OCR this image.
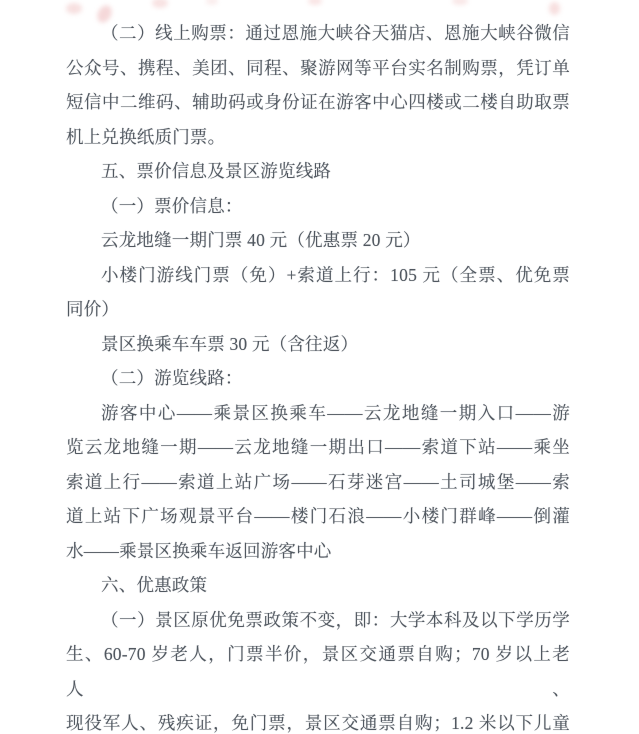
（二）线上购票：通过恩施大峡谷天猫店、恩施大峡谷微信
公众号、携程、美团、同程、聚游网等平台实名制购票，凭订单
短信中二维码、辅助码或身份证在游客中心四楼或二楼自助取票
机上兑换纸质门票。
五、票价信息及景区游览线路
（一）票价信息：
云龙地缝一期门票 40 元（优惠票 20 元）
小楼门游线门票（免）+索道上行：105 元（全票、优免票
同价）
景区换乘车车票 30 元（含往返）
（二）游览线路：
游客中心——乘景区换乘车——云龙地缝一期入口——游
览云龙地缝一期——云龙地缝一期出口——索道下站——乘坐
索道上行——索道上站广场——石芽迷宫——土司城堡——索
道上站下广场观景平台——楼门石浪——小楼门群峰——倒灌
水——乘景区换乘车返回游客中心
六、优惠政策
（一）景区原优免票政策不变，即：大学本科及以下学历学
生、60-70 岁老人，门票半价，景区交通票自购；70 岁以上老人、
现役军人、残疾证，免门票，景区交通票自购；1.2 米以下儿童
